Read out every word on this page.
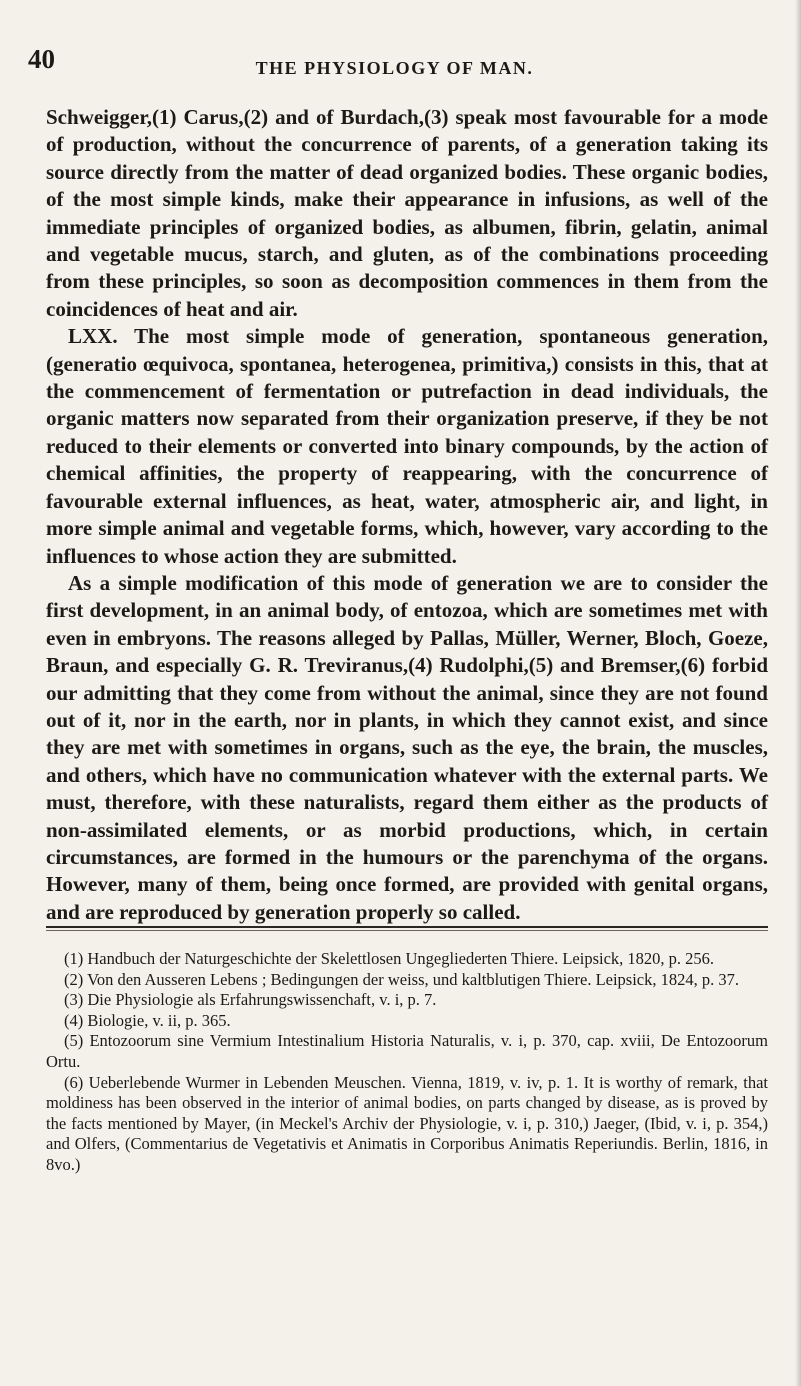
40	THE PHYSIOLOGY OF MAN.

Schweigger,(1) Carus,(2) and of Burdach,(3) speak most favourable for a mode of production, without the concurrence of parents, of a generation taking its source directly from the matter of dead organized bodies. These organic bodies, of the most simple kinds, make their appearance in infusions, as well of the immediate principles of organized bodies, as albumen, fibrin, gelatin, animal and vegetable mucus, starch, and gluten, as of the combinations proceeding from these principles, so soon as decomposition commences in them from the coincidences of heat and air.

LXX. The most simple mode of generation, spontaneous generation, (generatio œquivoca, spontanea, heterogenea, primitiva,) consists in this, that at the commencement of fermentation or putrefaction in dead individuals, the organic matters now separated from their organization preserve, if they be not reduced to their elements or converted into binary compounds, by the action of chemical affinities, the property of reappearing, with the concurrence of favourable external influences, as heat, water, atmospheric air, and light, in more simple animal and vegetable forms, which, however, vary according to the influences to whose action they are submitted.

As a simple modification of this mode of generation we are to consider the first development, in an animal body, of entozoa, which are sometimes met with even in embryons. The reasons alleged by Pallas, Müller, Werner, Bloch, Goeze, Braun, and especially G. R. Treviranus,(4) Rudolphi,(5) and Bremser,(6) forbid our admitting that they come from without the animal, since they are not found out of it, nor in the earth, nor in plants, in which they cannot exist, and since they are met with sometimes in organs, such as the eye, the brain, the muscles, and others, which have no communication whatever with the external parts. We must, therefore, with these naturalists, regard them either as the products of non-assimilated elements, or as morbid productions, which, in certain circumstances, are formed in the humours or the parenchyma of the organs. However, many of them, being once formed, are provided with genital organs, and are reproduced by generation properly so called.

(1) Handbuch der Naturgeschichte der Skelettlosen Ungegliederten Thiere. Leipsick, 1820, p. 256.

(2) Von den Ausseren Lebens ; Bedingungen der weiss, und kaltblutigen Thiere. Leipsick, 1824, p. 37.

(3) Die Physiologie als Erfahrungswissenchaft, v. i, p. 7.

(4) Biologie, v. ii, p. 365.

(5) Entozoorum sine Vermium Intestinalium Historia Naturalis, v. i, p. 370, cap. xviii, De Entozoorum Ortu.

(6) Ueberlebende Wurmer in Lebenden Meuschen. Vienna, 1819, v. iv, p. 1. It is worthy of remark, that moldiness has been observed in the interior of animal bodies, on parts changed by disease, as is proved by the facts mentioned by Mayer, (in Meckel's Archiv der Physiologie, v. i, p. 310,) Jaeger, (Ibid, v. i, p. 354,) and Olfers, (Commentarius de Vegetativis et Animatis in Corporibus Animatis Reperiundis. Berlin, 1816, in 8vo.)
